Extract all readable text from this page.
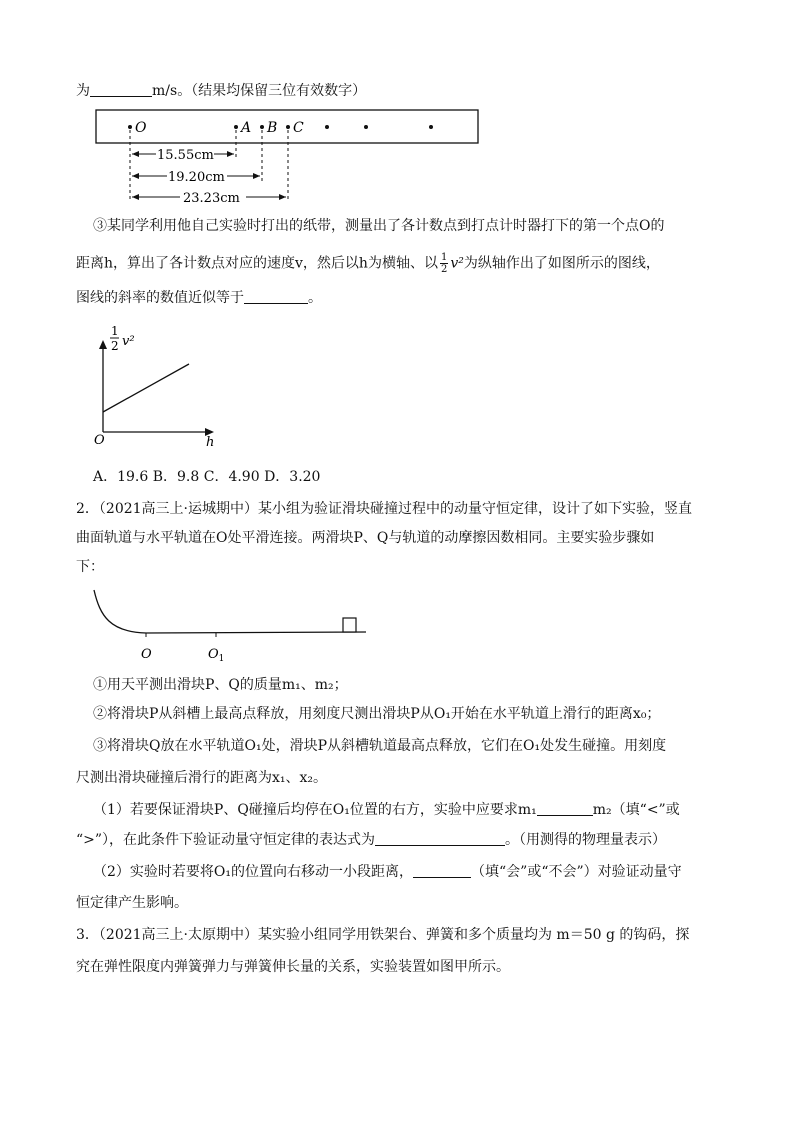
为	m/s。（结果均保留三位有效数字）
O	A B C
15.55cm
19.20cm
23.23cm
③某同学利用他自己实验时打出的纸带，测量出了各计数点到打点计时器打下的第一个点O的
距离h，算出了各计数点对应的速度v，然后以h为横轴、以 $\frac{1}{2} v^2$为纵轴作出了如图所示的图线，
图线的斜率的数值近似等于	。
1
2 v²
O	h
A．19.6 B．9.8 C．4.90 D．3.20
2．（2021高三上·运城期中）某小组为验证滑块碰撞过程中的动量守恒定律，设计了如下实验，竖直
曲面轨道与水平轨道在O处平滑连接。两滑块P、Q与轨道的动摩擦因数相同。主要实验步骤如
下：
O	$O_1$
①用天平测出滑块P、Q的质量m₁、m₂；
②将滑块P从斜槽上最高点释放，用刻度尺测出滑块P从O₁开始在水平轨道上滑行的距离x₀；
③将滑块Q放在水平轨道O₁处，滑块P从斜槽轨道最高点释放，它们在O₁处发生碰撞。用刻度
尺测出滑块碰撞后滑行的距离为x₁、x₂。
（1）若要保证滑块P、Q碰撞后均停在O₁位置的右方，实验中应要求m₁	m₂（填“<”或
“>”），在此条件下验证动量守恒定律的表达式为	。（用测得的物理量表示）
（2）实验时若要将O₁的位置向右移动一小段距离，	（填“会”或“不会”）对验证动量守
恒定律产生影响。
3．（2021高三上·太原期中）某实验小组同学用铁架台、弹簧和多个质量均为 m＝50 g 的钩码，探
究在弹性限度内弹簧弹力与弹簧伸长量的关系，实验装置如图甲所示。
